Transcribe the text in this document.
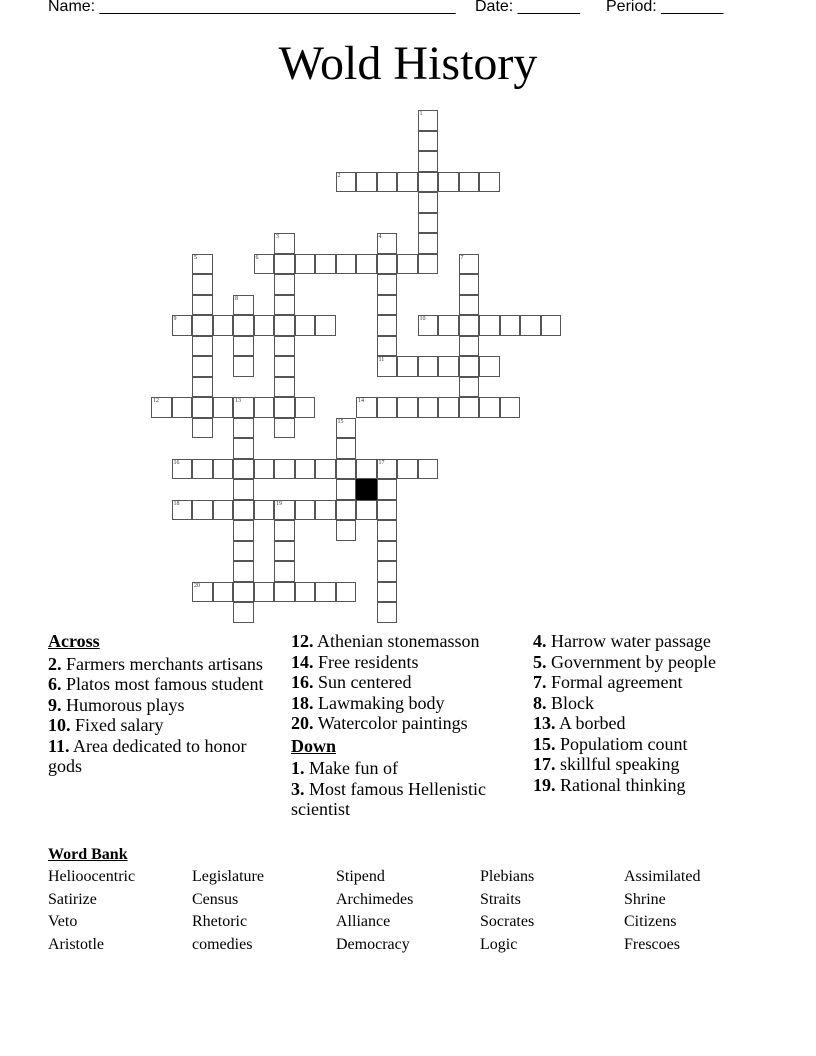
Name: ________________________________________ Date: _______ Period: _______
Wold History
1
2
3	4
11
5	6	7
8
9	10
12	13	14
15
16	17
18	19
20
Across
2. Farmers merchants artisans
6. Platos most famous student
9. Humorous plays
10. Fixed salary
11. Area dedicated to honor gods
12. Athenian stonemasson
14. Free residents
16. Sun centered
18. Lawmaking body
20. Watercolor paintings
Down
1. Make fun of
3. Most famous Hellenistic scientist
4. Harrow water passage
5. Government by people
7. Formal agreement
8. Block
13. A borbed
15. Populatiom count
17. skillful speaking
19. Rational thinking
Word Bank
Helioocentric	Legislature	Stipend	Plebians	Assimilated
Satirize	Census	Archimedes	Straits	Shrine
Veto	Rhetoric	Alliance	Socrates	Citizens
Aristotle	comedies	Democracy	Logic	Frescoes
